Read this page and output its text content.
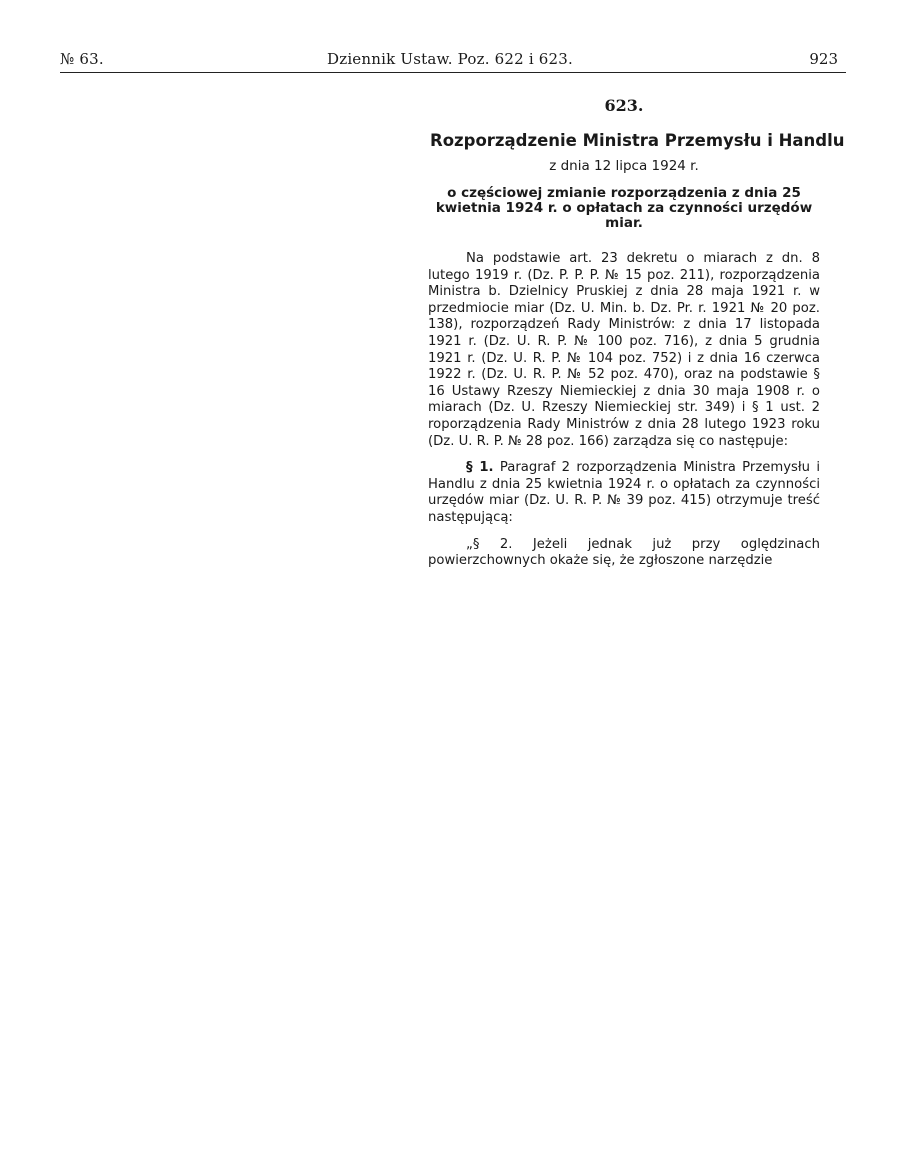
№ 63.	Dziennik Ustaw. Poz. 622 i 623.	923
623.
Rozporządzenie Ministra Przemysłu i Handlu
z dnia 12 lipca 1924 r.
o częściowej zmianie rozporządzenia z dnia 25 kwietnia 1924 r. o opłatach za czynności urzędów miar.

Na podstawie art. 23 dekretu o miarach z dn. 8 lutego 1919 r. (Dz. P. P. P. № 15 poz. 211), rozporządzenia Ministra b. Dzielnicy Pruskiej z dnia 28 maja 1921 r. w przedmiocie miar (Dz. U. Min. b. Dz. Pr. r. 1921 № 20 poz. 138), rozporządzeń Rady Ministrów: z dnia 17 listopada 1921 r. (Dz. U. R. P. № 100 poz. 716), z dnia 5 grudnia 1921 r. (Dz. U. R. P. № 104 poz. 752) i z dnia 16 czerwca 1922 r. (Dz. U. R. P. № 52 poz. 470), oraz na podstawie § 16 Ustawy Rzeszy Niemieckiej z dnia 30 maja 1908 r. o miarach (Dz. U. Rzeszy Niemieckiej str. 349) i § 1 ust. 2 roporządzenia Rady Ministrów z dnia 28 lutego 1923 roku (Dz. U. R. P. № 28 poz. 166) zarządza się co następuje:

§ 1. Paragraf 2 rozporządzenia Ministra Przemysłu i Handlu z dnia 25 kwietnia 1924 r. o opłatach za czynności urzędów miar (Dz. U. R. P. № 39 poz. 415) otrzymuje treść następującą:

„§ 2. Jeżeli jednak już przy oględzinach powierzchownych okaże się, że zgłoszone narzędzie
